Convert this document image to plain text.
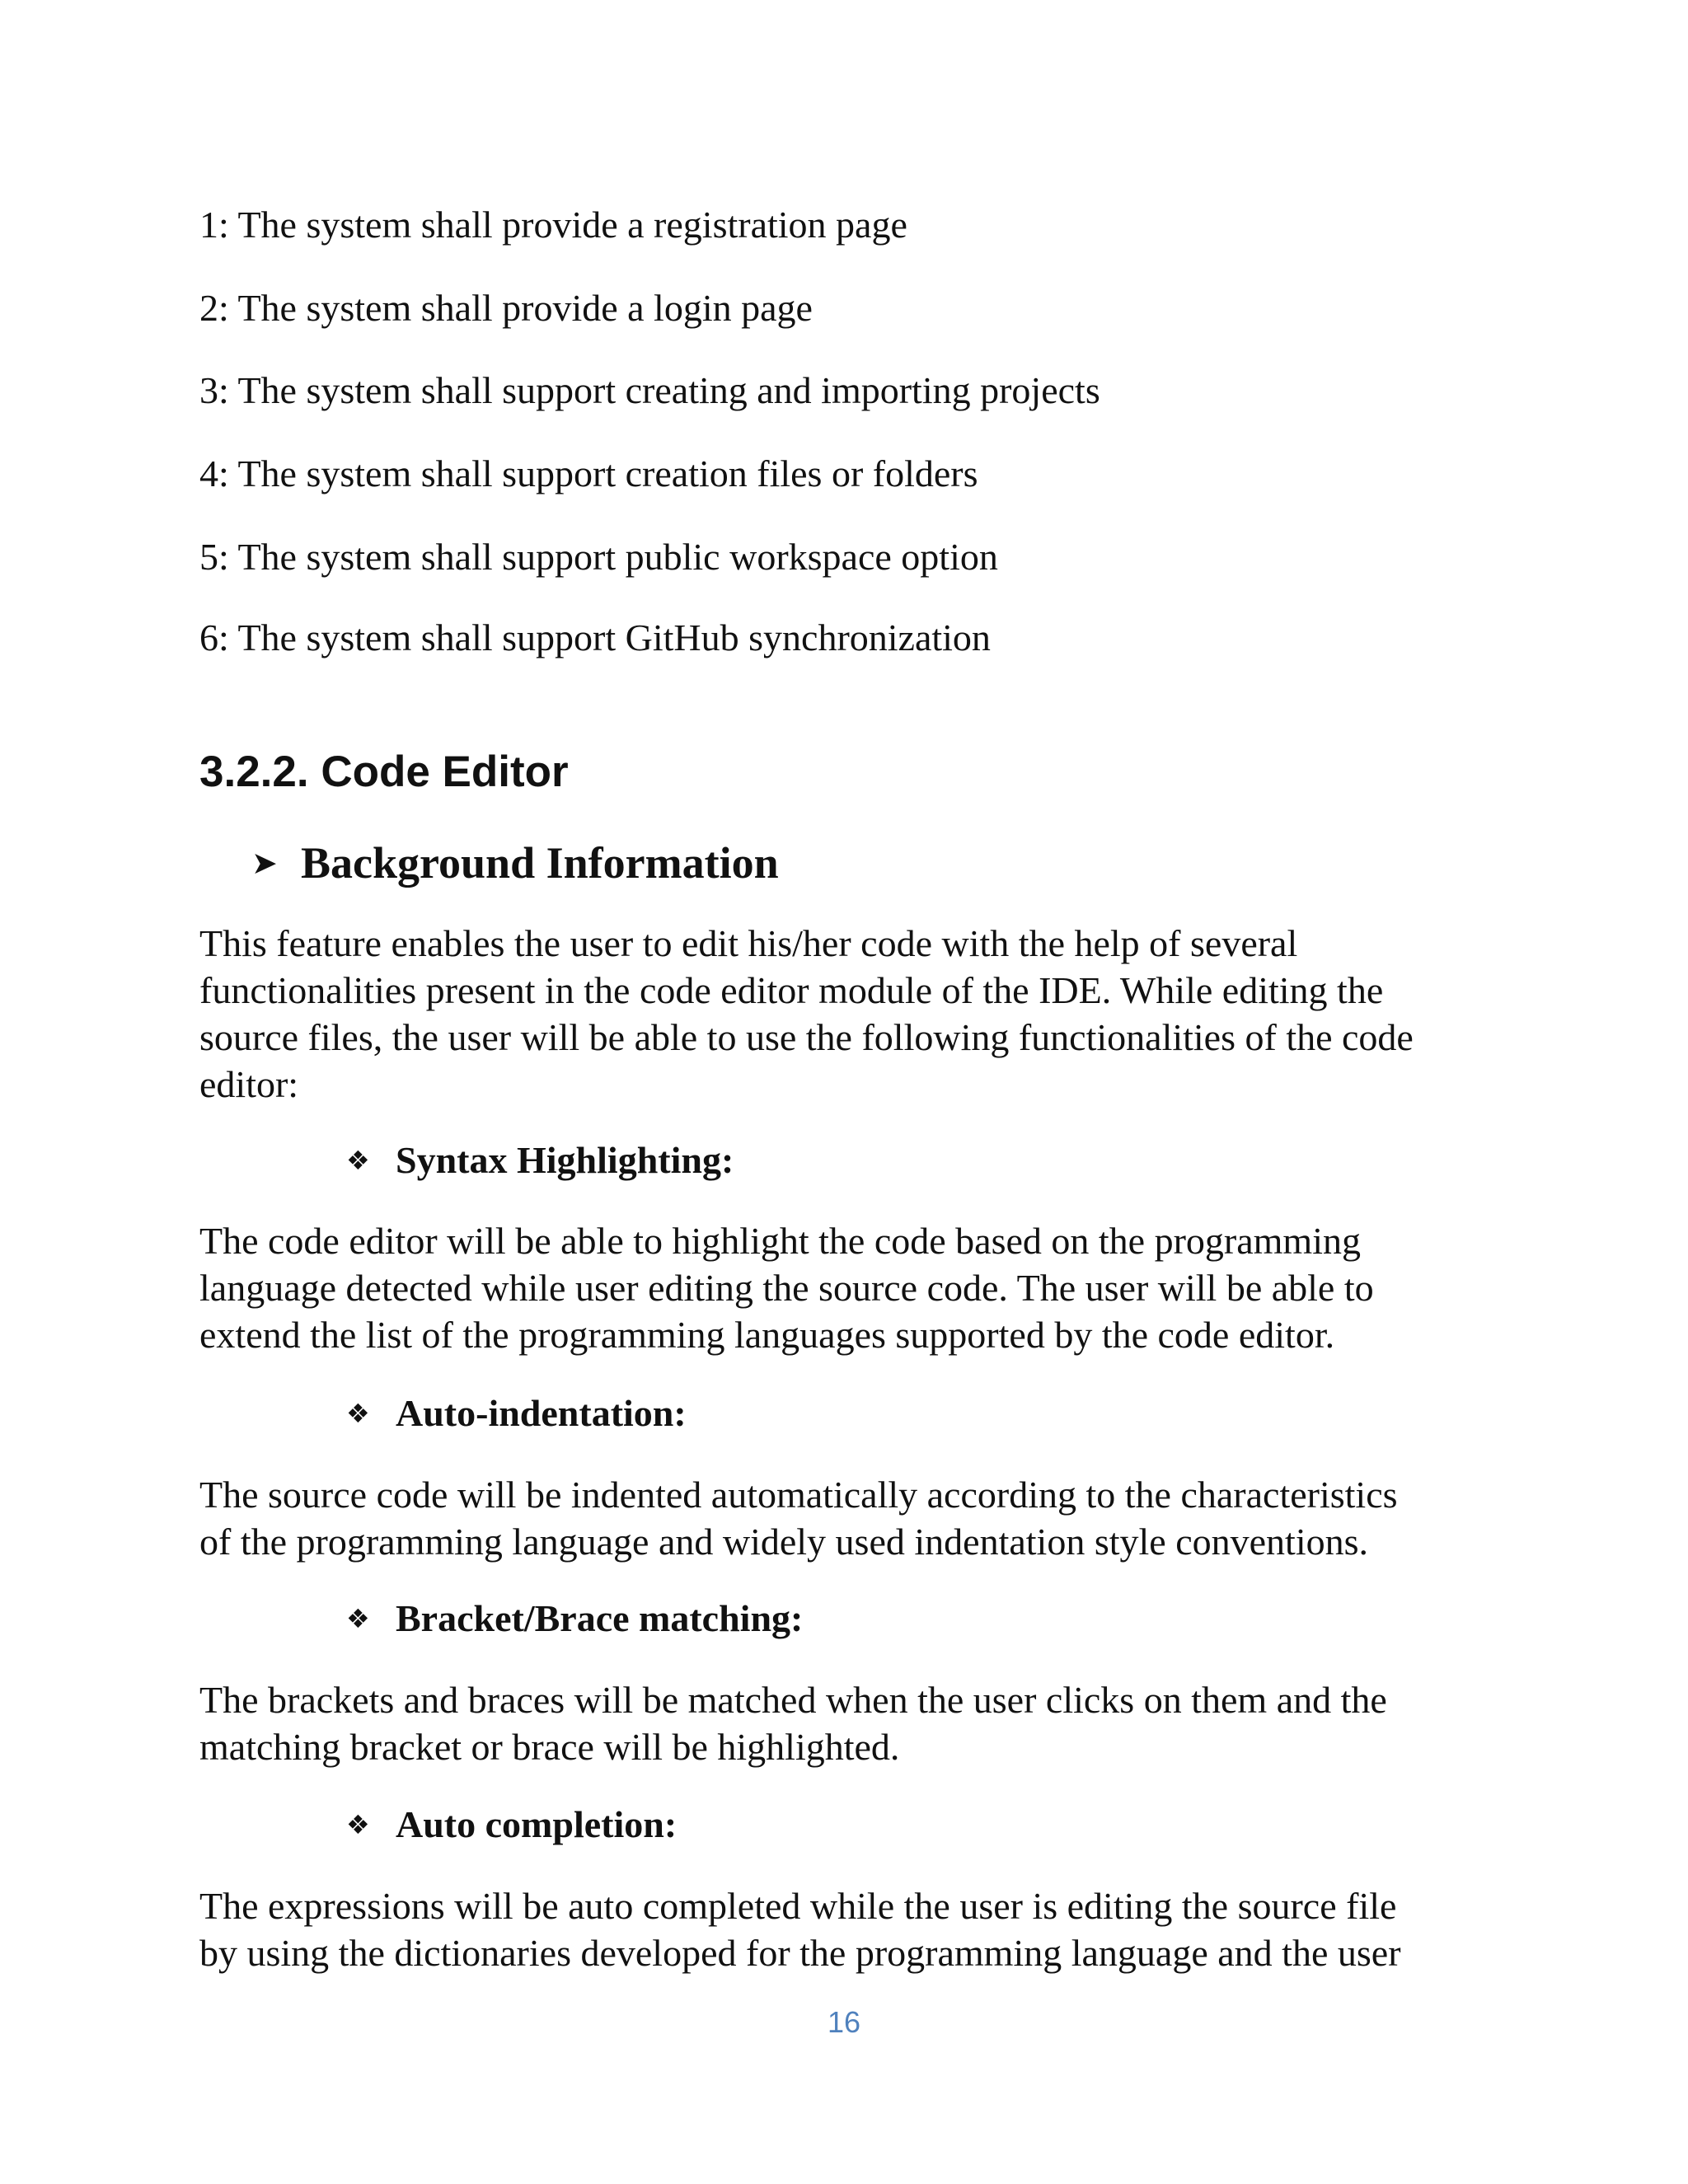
1: The system shall provide a registration page
2: The system shall provide a login page
3: The system shall support creating and importing projects
4: The system shall support creation files or folders
5: The system shall support public workspace option
6: The system shall support GitHub synchronization
3.2.2. Code Editor
➤ Background Information
This feature enables the user to edit his/her code with the help of several
functionalities present in the code editor module of the IDE. While editing the
source files, the user will be able to use the following functionalities of the code
editor:
❖ Syntax Highlighting:
The code editor will be able to highlight the code based on the programming
language detected while user editing the source code. The user will be able to
extend the list of the programming languages supported by the code editor.
❖ Auto-indentation:
The source code will be indented automatically according to the characteristics
of the programming language and widely used indentation style conventions.
❖ Bracket/Brace matching:
The brackets and braces will be matched when the user clicks on them and the
matching bracket or brace will be highlighted.
❖ Auto completion:
The expressions will be auto completed while the user is editing the source file
by using the dictionaries developed for the programming language and the user
16
